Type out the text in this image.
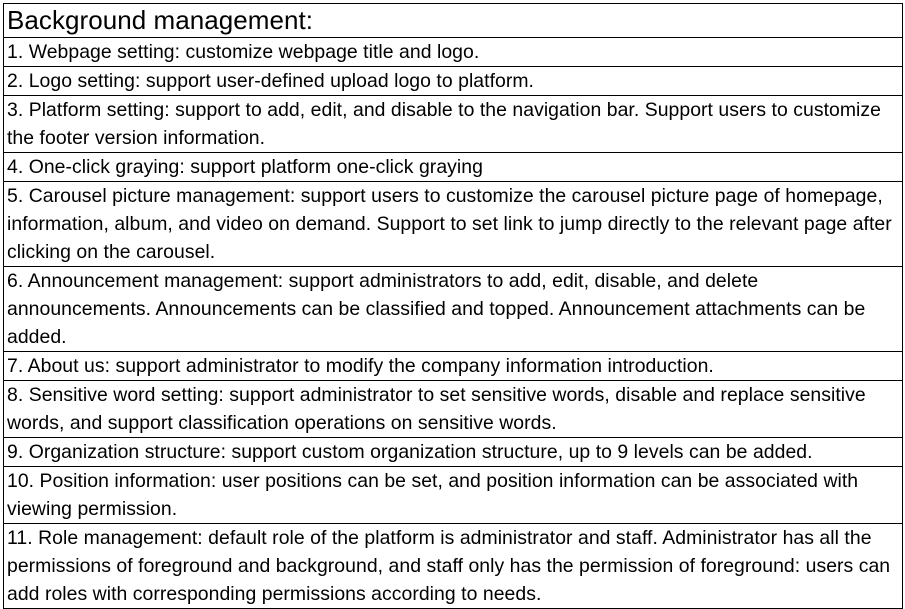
Background management:
1. Webpage setting: customize webpage title and logo.
2. Logo setting: support user-defined upload logo to platform.
3. Platform setting: support to add, edit, and disable to the navigation bar. Support users to customize the footer version information.
4. One-click graying: support platform one-click graying
5. Carousel picture management: support users to customize the carousel picture page of homepage, information, album, and video on demand. Support to set link to jump directly to the relevant page after clicking on the carousel.
6. Announcement management: support administrators to add, edit, disable, and delete announcements. Announcements can be classified and topped. Announcement attachments can be added.
7. About us: support administrator to modify the company information introduction.
8. Sensitive word setting: support administrator to set sensitive words, disable and replace sensitive words, and support classification operations on sensitive words.
9. Organization structure: support custom organization structure, up to 9 levels can be added.
10. Position information: user positions can be set, and position information can be associated with viewing permission.
11. Role management: default role of the platform is administrator and staff. Administrator has all the permissions of foreground and background, and staff only has the permission of foreground: users can add roles with corresponding permissions according to needs.
